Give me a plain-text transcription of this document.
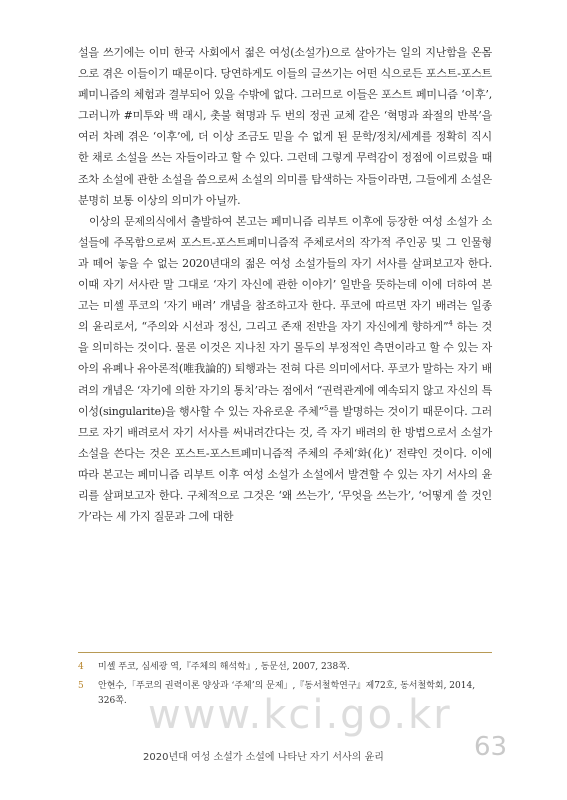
설을 쓰기에는 이미 한국 사회에서 젊은 여성(소설가)으로 살아가는 일의 지난함을 온몸으로 겪은 이들이기 때문이다. 당연하게도 이들의 글쓰기는 어떤 식으로든 포스트-포스트페미니즘의 체험과 결부되어 있을 수밖에 없다. 그러므로 이들은 포스트 페미니즘 ‘이후’, 그러니까 #미투와 백 래시, 촛불 혁명과 두 번의 정권 교체 같은 ‘혁명과 좌절의 반복’을 여러 차례 겪은 ‘이후’에, 더 이상 조금도 믿을 수 없게 된 문학/정치/세계를 정확히 직시한 채로 소설을 쓰는 자들이라고 할 수 있다. 그런데 그렇게 무력감이 정점에 이르렀을 때조차 소설에 관한 소설을 씀으로써 소설의 의미를 탐색하는 자들이라면, 그들에게 소설은 분명히 보통 이상의 의미가 아닐까.

이상의 문제의식에서 출발하여 본고는 페미니즘 리부트 이후에 등장한 여성 소설가 소설들에 주목함으로써 포스트-포스트페미니즘적 주체로서의 작가적 주인공 및 그 인물형과 떼어 놓을 수 없는 2020년대의 젊은 여성 소설가들의 자기 서사를 살펴보고자 한다. 이때 자기 서사란 말 그대로 ‘자기 자신에 관한 이야기’ 일반을 뜻하는데 이에 더하여 본고는 미셸 푸코의 ‘자기 배려’ 개념을 참조하고자 한다. 푸코에 따르면 자기 배려는 일종의 윤리로서, “주의와 시선과 정신, 그리고 존재 전반을 자기 자신에게 향하게”$^4$ 하는 것을 의미하는 것이다. 물론 이것은 지나친 자기 몰두의 부정적인 측면이라고 할 수 있는 자아의 유폐나 유아론적(唯我論的) 퇴행과는 전혀 다른 의미에서다. 푸코가 말하는 자기 배려의 개념은 ‘자기에 의한 자기의 통치’라는 점에서 “권력관계에 예속되지 않고 자신의 특이성(singularite)을 행사할 수 있는 자유로운 주체”$^5$를 발명하는 것이기 때문이다. 그러므로 자기 배려로서 자기 서사를 써내려간다는 것, 즉 자기 배려의 한 방법으로서 소설가 소설을 쓴다는 것은 포스트-포스트페미니즘적 주체의 주체‘화(化)’ 전략인 것이다. 이에 따라 본고는 페미니즘 리부트 이후 여성 소설가 소설에서 발견할 수 있는 자기 서사의 윤리를 살펴보고자 한다. 구체적으로 그것은 ‘왜 쓰는가’, ‘무엇을 쓰는가’, ‘어떻게 쓸 것인가’라는 세 가지 질문과 그에 대한

4	미셸 푸코, 심세광 역,『주체의 해석학』, 동문선, 2007, 238쪽.
5	안현수,「푸코의 권력이론 양상과 ‘주체’의 문제」,『동서철학연구』제72호, 동서철학회, 2014, 326쪽. www.kci.go.kr
2020년대 여성 소설가 소설에 나타난 자기 서사의 윤리	63
